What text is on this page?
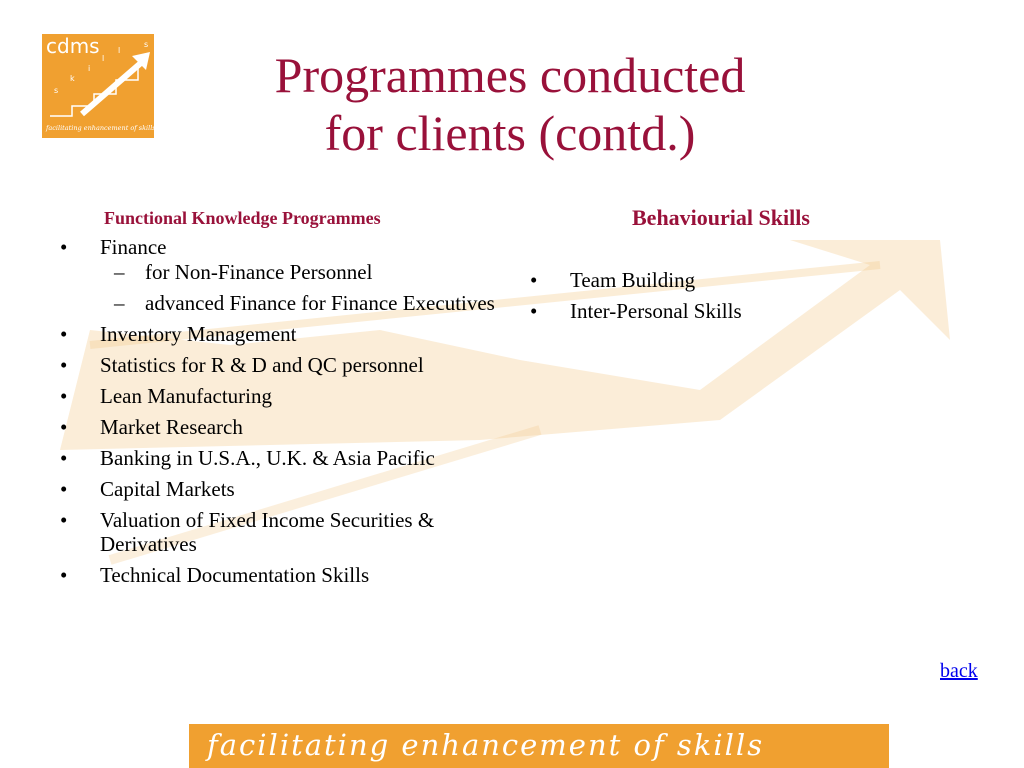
cdms
s
k
i
l
l
s
facilitating enhancement of skills
Programmes conducted
for clients (contd.)
Functional Knowledge Programmes	Behaviourial Skills
• Finance
– for Non-Finance Personnel
– advanced Finance for Finance Executives
• Inventory Management
• Statistics for R & D and QC personnel
• Lean Manufacturing
• Market Research
• Banking in U.S.A., U.K. & Asia Pacific
• Capital Markets
• Valuation of Fixed Income Securities & Derivatives
• Technical Documentation Skills
• Team Building
• Inter-Personal Skills
back
facilitating enhancement of skills
